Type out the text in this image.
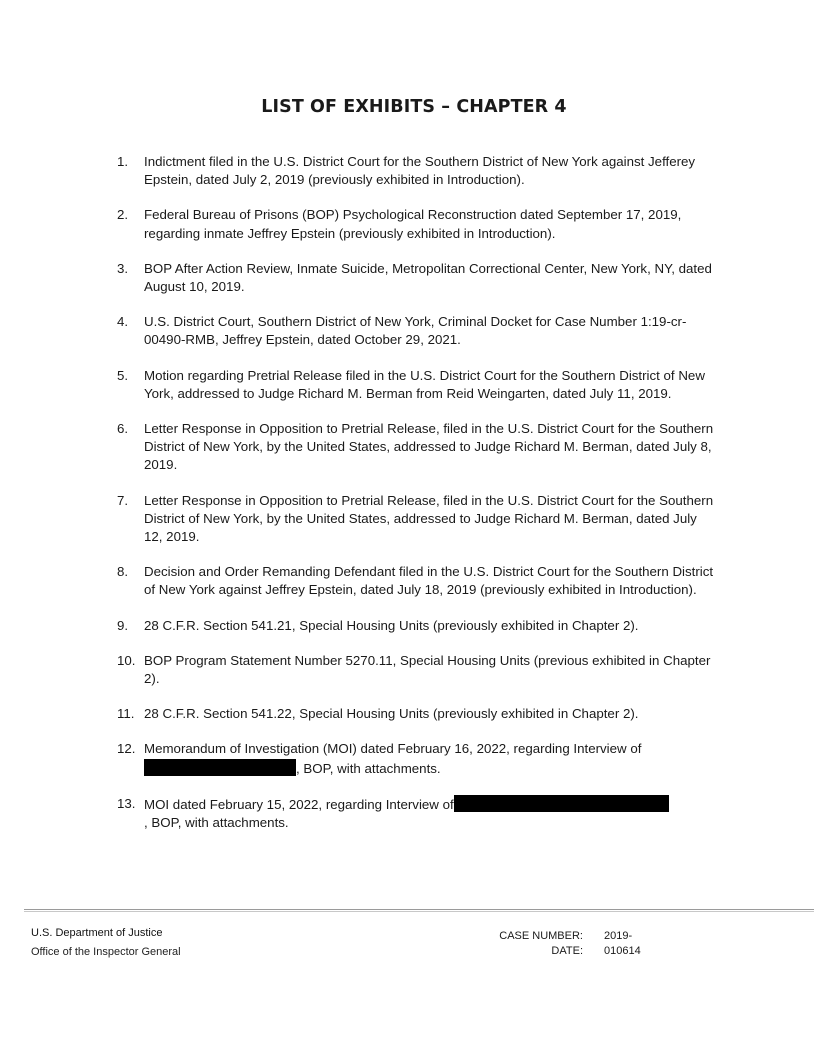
LIST OF EXHIBITS – CHAPTER 4
1. Indictment filed in the U.S. District Court for the Southern District of New York against Jefferey Epstein, dated July 2, 2019 (previously exhibited in Introduction).
2. Federal Bureau of Prisons (BOP) Psychological Reconstruction dated September 17, 2019, regarding inmate Jeffrey Epstein (previously exhibited in Introduction).
3. BOP After Action Review, Inmate Suicide, Metropolitan Correctional Center, New York, NY, dated August 10, 2019.
4. U.S. District Court, Southern District of New York, Criminal Docket for Case Number 1:19-cr-00490-RMB, Jeffrey Epstein, dated October 29, 2021.
5. Motion regarding Pretrial Release filed in the U.S. District Court for the Southern District of New York, addressed to Judge Richard M. Berman from Reid Weingarten, dated July 11, 2019.
6. Letter Response in Opposition to Pretrial Release, filed in the U.S. District Court for the Southern District of New York, by the United States, addressed to Judge Richard M. Berman, dated July 8, 2019.
7. Letter Response in Opposition to Pretrial Release, filed in the U.S. District Court for the Southern District of New York, by the United States, addressed to Judge Richard M. Berman, dated July 12, 2019.
8. Decision and Order Remanding Defendant filed in the U.S. District Court for the Southern District of New York against Jeffrey Epstein, dated July 18, 2019 (previously exhibited in Introduction).
9. 28 C.F.R. Section 541.21, Special Housing Units (previously exhibited in Chapter 2).
10. BOP Program Statement Number 5270.11, Special Housing Units (previous exhibited in Chapter 2).
11. 28 C.F.R. Section 541.22, Special Housing Units (previously exhibited in Chapter 2).
12. Memorandum of Investigation (MOI) dated February 16, 2022, regarding Interview of
, BOP, with attachments.
13. MOI dated February 15, 2022, regarding Interview of
, BOP, with attachments.
U.S. Department of Justice
Office of the Inspector General
CASE NUMBER: 2019-010614
DATE:
